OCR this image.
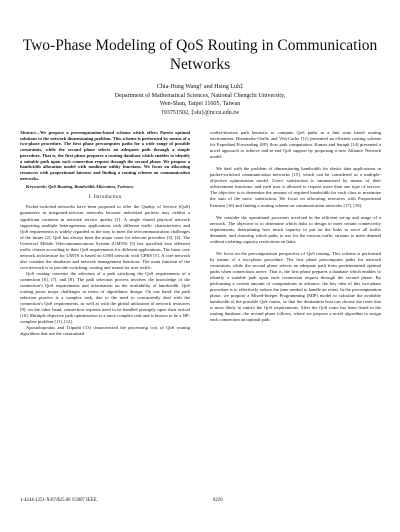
Two-Phase Modeling of QoS Routing in Communication Networks
Chia-Hung Wang† and Hsing Luh‡
Department of Mathematical Sciences, National Chengchi University,
Wen-Shan, Taipei 11605, Taiwan
†93751502, ‡slu}@nccu.edu.tw
Abstract—We propose a precomputation-based scheme which offers Pareto optimal solutions to the network dimensioning problem. This scheme is performed by means of a two-phase procedure. The first phase precomputes paths for a wide range of possible constraints, while the second phase selects an adequate path through a simple procedure. That is, the first phase prepares a routing database which enables to identify a suitable path upon each connection request through the second phase. We propose a bandwidth allocation model with nonlinear utility functions. We focus on allocating resources with proportional fairness and finding a routing scheme on communication networks.
Keywords: QoS Routing, Bandwidth Allocation, Fairness
I. Introduction

Packet-switched networks have been proposed to offer the Quality of Service (QoS) guarantees in integrated-services networks because individual packets may exhibit a significant variation in network service quality [1]. A single shared physical network supporting multiple heterogeneous applications with different traffic characteristics and QoS requirements is widely regarded as the way to meet the telecommunication challenges of the future [2]. QoS has always been the major issue for telecom providers [3], [4]. The Universal Mobile Telecommunications System (UMTS) [5] has specified four different traffic classes according to their QoS requirements for different applications. The basic core network architecture for UMTS is based on GSM network with GPRS [5]. A core network also contains the databases and network management functions. The main function of the core network is to provide switching, routing and transit for user traffic.

QoS routing concerns the selection of a path satisfying the QoS requirements of a connection [6], [7], and [8]. The path selection process involves the knowledge of the connection's QoS requirements and information on the availability of bandwidth. QoS routing poses major challenges in terms of algorithmic design. On one hand, the path selection process is a complex task, due to the need to concurrently deal with the connection's QoS requirements, as well as with the global utilization of network resources [9]; on the other hand, connection requests need to be handled promptly upon their arrival [10]. Multiple objective path optimization is a more complex task and is known to be a NP-complete problem [11], [12].

Apostolopoulos and Tripathi [13] characterized the processing cost of QoS routing algorithms that use the constrained

widest-shortest path heuristic to compute QoS paths in a link state based routing environment. Hernández-Orallo and Vila-Carbo [11] presented an efficient routing scheme for Expedited Forwarding (EF) flow path computation. Kumar and Saraph [14] presented a novel approach to achieve end-to-end QoS support by proposing a new Alliance Network model.

We deal with the problem of dimensioning bandwidth for elastic data applications in packet-switched communication networks [15], which can be considered as a multiple-objective optimization model. Users' satisfaction is summarized by means of their achievement functions, and each user is allowed to request more than one type of service. The objective is to determine the amount of required bandwidth for each class to maximize the sum of the users' satisfaction. We focus on allocating resources with Proportional Fairness [16] and finding a routing scheme on communication networks [17], [18].

We consider the operational processes involved in the efficient set-up and usage of a network. The objective is to determine which links to design to meet certain connectivity requirements, determining how much capacity to put on the links to serve all traffic demands, and choosing which paths to use for the various traffic streams to meet demand without violating capacity restrictions on links.

We focus on the precomputation perspective of QoS routing. This scheme is performed by means of a two-phase procedure. The first phase precomputes paths for network constraints, while the second phase selects an adequate path from predetermined optimal paths when connections arrive. That is, the first phase prepares a database which enables to identify a suitable path upon each connection request through the second phase. By performing a certain amount of computations in advance, the key idea of this two-phase procedure is to effectively reduce the time needed to handle an event. In the precomputation phase, we propose a Mixed-Integer Programming (MIP) model to calculate the available bandwidth of the possible QoS routes, so that the destination host can choose the route that is most likely to satisfy the QoS requirements. After the QoS route has been listed in the routing database, the second phase follows, where we propose a novel algorithm to assign each connection an optimal path.

1-4244-1251-X/07/$25.00 ©2007 IEEE.	8210
